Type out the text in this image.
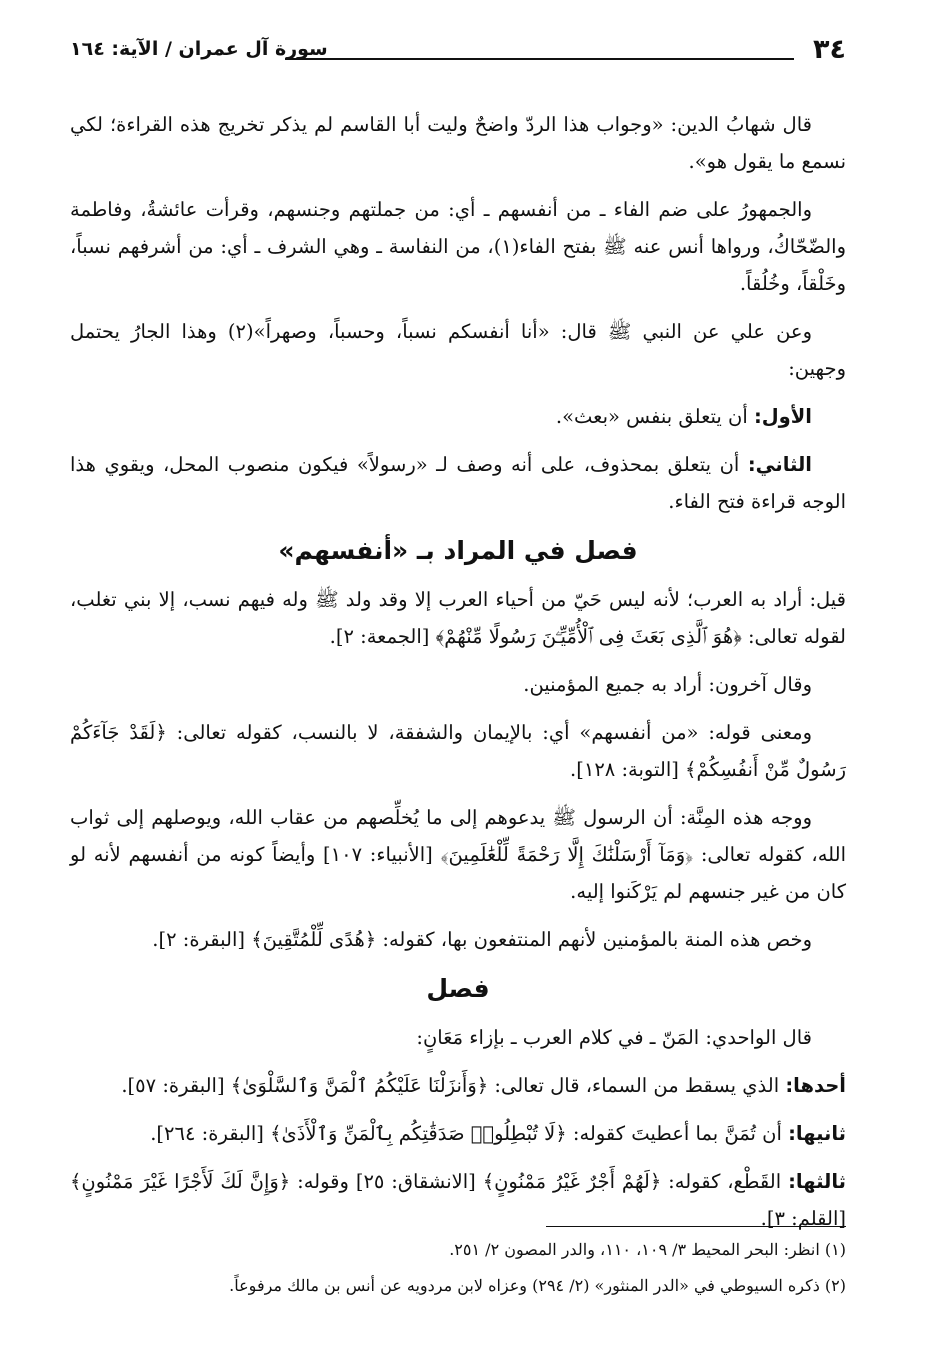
٣٤
سورة آل عمران / الآية: ١٦٤

قال شهابُ الدين: «وجواب هذا الردّ واضحٌ وليت أبا القاسم لم يذكر تخريج هذه القراءة؛ لكي نسمع ما يقول هو».

والجمهورُ على ضم الفاء ـ من أنفسهم ـ أي: من جملتهم وجنسهم، وقرأت عائشةُ، وفاطمة والضّحّاكُ، ورواها أنس عنه ﷺ بفتح الفاء(١)، من النفاسة ـ وهي الشرف ـ أي: من أشرفهم نسباً، وخَلْقاً، وخُلُقاً.

وعن علي عن النبي ﷺ قال: «أنا أنفسكم نسباً، وحسباً، وصهراً»(٢) وهذا الجارُ يحتمل وجهين:

الأول: أن يتعلق بنفس «بعث».

الثاني: أن يتعلق بمحذوف، على أنه وصف لـ «رسولاً» فيكون منصوب المحل، ويقوي هذا الوجه قراءة فتح الفاء.

فصل في المراد بـ «أنفسهم»

قيل: أراد به العرب؛ لأنه ليس حَيّ من أحياء العرب إلا وقد ولد ﷺ وله فيهم نسب، إلا بني تغلب، لقوله تعالى: ﴿هُوَ ٱلَّذِى بَعَثَ فِى ٱلْأُمِّيِّـۧنَ رَسُولًا مِّنْهُمْ﴾ [الجمعة: ٢].

وقال آخرون: أراد به جميع المؤمنين.

ومعنى قوله: «من أنفسهم» أي: بالإيمان والشفقة، لا بالنسب، كقوله تعالى: ﴿لَقَدْ جَآءَكُمْ رَسُولٌ مِّنْ أَنفُسِكُمْ﴾ [التوبة: ١٢٨].

ووجه هذه المِنَّة: أن الرسول ﷺ يدعوهم إلى ما يُخلِّصهم من عقاب الله، ويوصلهم إلى ثواب الله، كقوله تعالى: ﴿وَمَآ أَرْسَلْنَٰكَ إِلَّا رَحْمَةً لِّلْعَٰلَمِينَ﴾ [الأنبياء: ١٠٧] وأيضاً كونه من أنفسهم لأنه لو كان من غير جنسهم لم يَرْكَنوا إليه.

وخص هذه المنة بالمؤمنين لأنهم المنتفعون بها، كقوله: ﴿هُدًى لِّلْمُتَّقِينَ﴾ [البقرة: ٢].

فصل

قال الواحدي: المَنّ ـ في كلام العرب ـ بإزاء مَعَانٍ:

أحدها: الذي يسقط من السماء، قال تعالى: ﴿وَأَنزَلْنَا عَلَيْكُمُ ٱلْمَنَّ وَٱلسَّلْوَىٰ﴾ [البقرة: ٥٧].

ثانيها: أن تُمَنَّ بما أعطيتَ كقوله: ﴿لَا تُبْطِلُوا۟ صَدَقَٰتِكُم بِٱلْمَنِّ وَٱلْأَذَىٰ﴾ [البقرة: ٢٦٤].

ثالثها: القَطْع، كقوله: ﴿لَهُمْ أَجْرٌ غَيْرُ مَمْنُونٍ﴾ [الانشقاق: ٢٥] وقوله: ﴿وَإِنَّ لَكَ لَأَجْرًا غَيْرَ مَمْنُونٍ﴾ [القلم: ٣].

(١) انظر: البحر المحيط ٣/ ١٠٩، ١١٠، والدر المصون ٢/ ٢٥١.

(٢) ذكره السيوطي في «الدر المنثور» (٢/ ٢٩٤) وعزاه لابن مردويه عن أنس بن مالك مرفوعاً.
